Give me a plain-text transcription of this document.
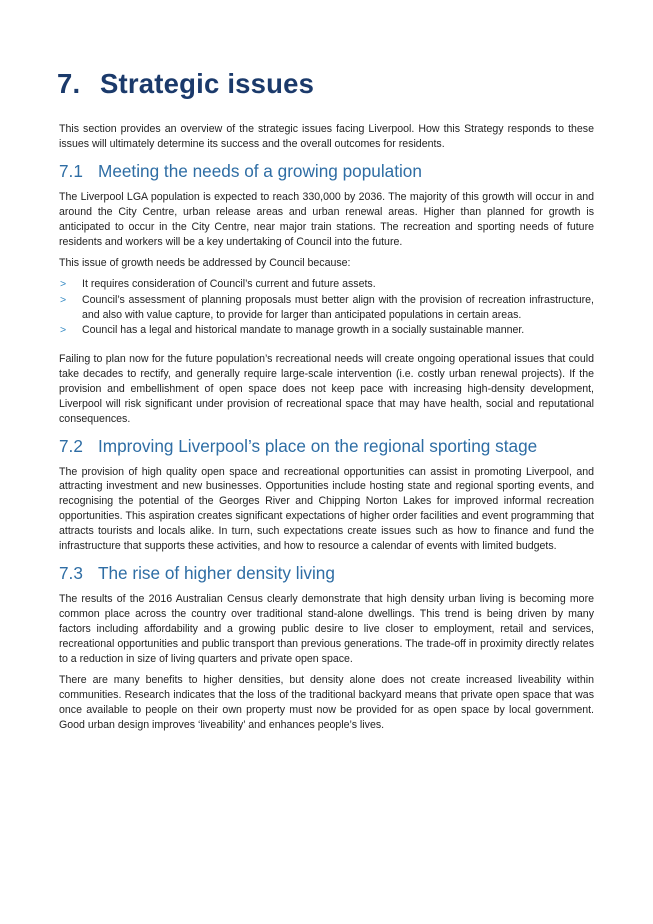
7. Strategic issues

This section provides an overview of the strategic issues facing Liverpool. How this Strategy responds to these issues will ultimately determine its success and the overall outcomes for residents.

7.1 Meeting the needs of a growing population

The Liverpool LGA population is expected to reach 330,000 by 2036. The majority of this growth will occur in and around the City Centre, urban release areas and urban renewal areas. Higher than planned for growth is anticipated to occur in the City Centre, near major train stations. The recreation and sporting needs of future residents and workers will be a key undertaking of Council into the future.

This issue of growth needs be addressed by Council because:

> It requires consideration of Council’s current and future assets.
> Council’s assessment of planning proposals must better align with the provision of recreation infrastructure, and also with value capture, to provide for larger than anticipated populations in certain areas.
> Council has a legal and historical mandate to manage growth in a socially sustainable manner.

Failing to plan now for the future population’s recreational needs will create ongoing operational issues that could take decades to rectify, and generally require large-scale intervention (i.e. costly urban renewal projects). If the provision and embellishment of open space does not keep pace with increasing high-density development, Liverpool will risk significant under provision of recreational space that may have health, social and reputational consequences.

7.2 Improving Liverpool’s place on the regional sporting stage

The provision of high quality open space and recreational opportunities can assist in promoting Liverpool, and attracting investment and new businesses. Opportunities include hosting state and regional sporting events, and recognising the potential of the Georges River and Chipping Norton Lakes for improved informal recreation opportunities. This aspiration creates significant expectations of higher order facilities and event programming that attracts tourists and locals alike. In turn, such expectations create issues such as how to finance and fund the infrastructure that supports these activities, and how to resource a calendar of events with limited budgets.

7.3 The rise of higher density living

The results of the 2016 Australian Census clearly demonstrate that high density urban living is becoming more common place across the country over traditional stand-alone dwellings. This trend is being driven by many factors including affordability and a growing public desire to live closer to employment, retail and services, recreational opportunities and public transport than previous generations. The trade-off in proximity directly relates to a reduction in size of living quarters and private open space.

There are many benefits to higher densities, but density alone does not create increased liveability within communities. Research indicates that the loss of the traditional backyard means that private open space that was once available to people on their own property must now be provided for as open space by local government. Good urban design improves ‘liveability’ and enhances people’s lives.
